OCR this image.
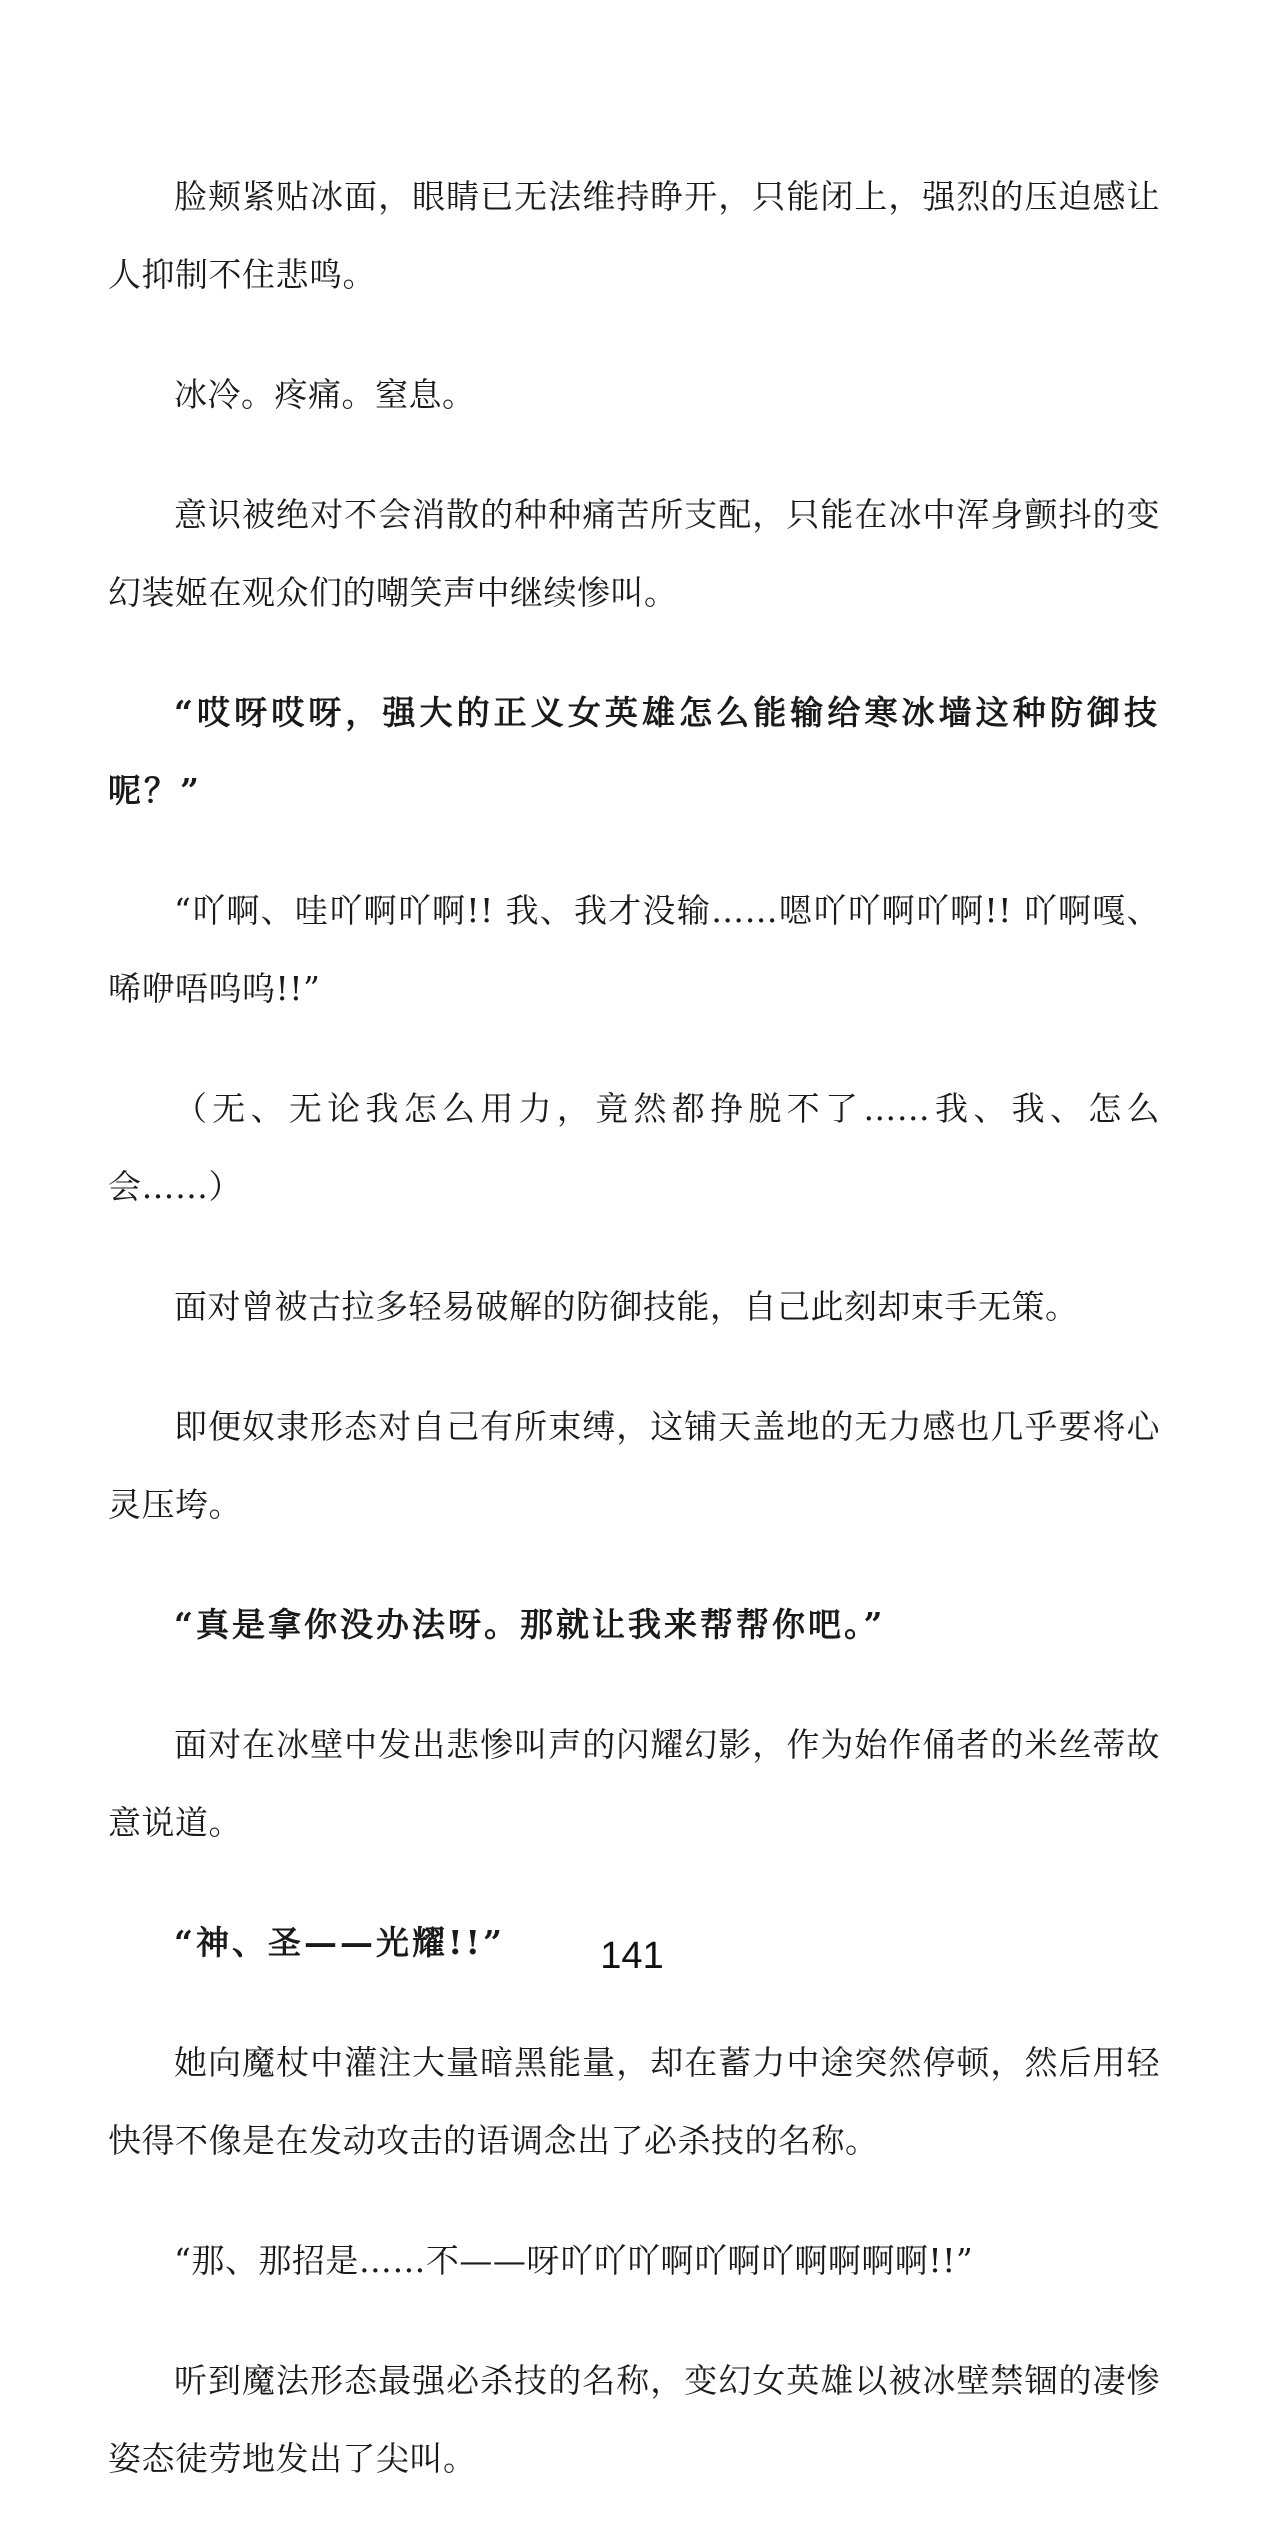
脸颊紧贴冰面，眼睛已无法维持睁开，只能闭上，强烈的压迫感让人抑制不住悲鸣。

冰冷。疼痛。窒息。

意识被绝对不会消散的种种痛苦所支配，只能在冰中浑身颤抖的变幻装姬在观众们的嘲笑声中继续惨叫。

“哎呀哎呀，强大的正义女英雄怎么能输给寒冰墙这种防御技呢？”

“吖啊、哇吖啊吖啊!! 我、我才没输……嗯吖吖啊吖啊!! 吖啊嘎、唏咿唔呜呜!!”

（无、无论我怎么用力，竟然都挣脱不了……我、我、怎么会……）

面对曾被古拉多轻易破解的防御技能，自己此刻却束手无策。

即便奴隶形态对自己有所束缚，这铺天盖地的无力感也几乎要将心灵压垮。

“真是拿你没办法呀。那就让我来帮帮你吧。”

面对在冰壁中发出悲惨叫声的闪耀幻影，作为始作俑者的米丝蒂故意说道。

“神、圣——光耀!!”

她向魔杖中灌注大量暗黑能量，却在蓄力中途突然停顿，然后用轻快得不像是在发动攻击的语调念出了必杀技的名称。

“那、那招是……不——呀吖吖吖啊吖啊吖啊啊啊啊!!”

听到魔法形态最强必杀技的名称，变幻女英雄以被冰壁禁锢的凄惨姿态徒劳地发出了尖叫。

141
